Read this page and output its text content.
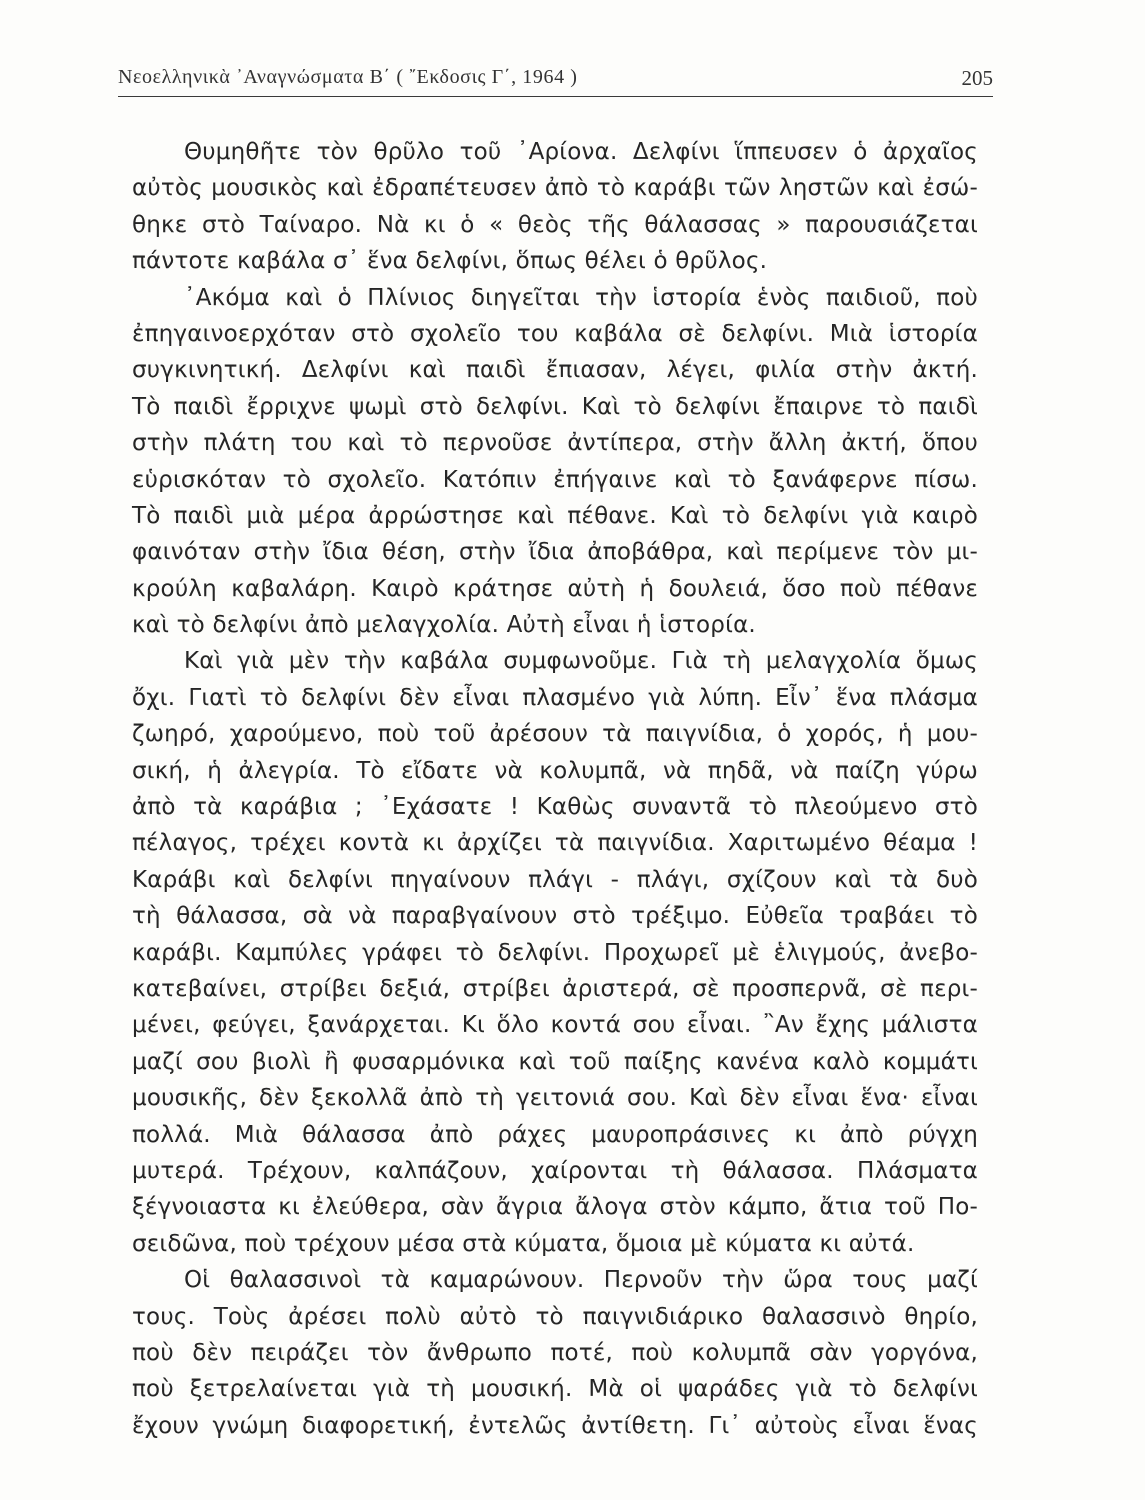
Νεοελληνικὰ ᾿Αναγνώσματα Β΄ ( ῎Εκδοσις Γ΄, 1964 )	205
Θυμηθῆτε τὸν θρῦλο τοῦ ᾿Αρίονα. Δελφίνι ἵππευσεν ὁ ἀρχαῖος
αὐτὸς μουσικὸς καὶ ἐδραπέτευσεν ἀπὸ τὸ καράβι τῶν ληστῶν καὶ ἐσώ-
θηκε στὸ Ταίναρο. Νὰ κι ὁ « θεὸς τῆς θάλασσας » παρουσιάζεται
πάντοτε καβάλα σ᾿ ἕνα δελφίνι, ὅπως θέλει ὁ θρῦλος.
᾿Ακόμα καὶ ὁ Πλίνιος διηγεῖται τὴν ἱστορία ἑνὸς παιδιοῦ, ποὺ
ἐπηγαινοερχόταν στὸ σχολεῖο του καβάλα σὲ δελφίνι. Μιὰ ἱστορία
συγκινητική. Δελφίνι καὶ παιδὶ ἔπιασαν, λέγει, φιλία στὴν ἀκτή.
Τὸ παιδὶ ἔρριχνε ψωμὶ στὸ δελφίνι. Καὶ τὸ δελφίνι ἔπαιρνε τὸ παιδὶ
στὴν πλάτη του καὶ τὸ περνοῦσε ἀντίπερα, στὴν ἄλλη ἀκτή, ὅπου
εὑρισκόταν τὸ σχολεῖο. Κατόπιν ἐπήγαινε καὶ τὸ ξανάφερνε πίσω.
Τὸ παιδὶ μιὰ μέρα ἀρρώστησε καὶ πέθανε. Καὶ τὸ δελφίνι γιὰ καιρὸ
φαινόταν στὴν ἴδια θέση, στὴν ἴδια ἀποβάθρα, καὶ περίμενε τὸν μι-
κρούλη καβαλάρη. Καιρὸ κράτησε αὐτὴ ἡ δουλειά, ὅσο ποὺ πέθανε
καὶ τὸ δελφίνι ἀπὸ μελαγχολία. Αὐτὴ εἶναι ἡ ἱστορία.
Καὶ γιὰ μὲν τὴν καβάλα συμφωνοῦμε. Γιὰ τὴ μελαγχολία ὅμως
ὄχι. Γιατὶ τὸ δελφίνι δὲν εἶναι πλασμένο γιὰ λύπη. Εἶν᾿ ἕνα πλάσμα
ζωηρό, χαρούμενο, ποὺ τοῦ ἀρέσουν τὰ παιγνίδια, ὁ χορός, ἡ μου-
σική, ἡ ἀλεγρία. Τὸ εἴδατε νὰ κολυμπᾶ, νὰ πηδᾶ, νὰ παίζη γύρω
ἀπὸ τὰ καράβια ; ᾿Εχάσατε ! Καθὼς συναντᾶ τὸ πλεούμενο στὸ
πέλαγος, τρέχει κοντὰ κι ἀρχίζει τὰ παιγνίδια. Χαριτωμένο θέαμα !
Καράβι καὶ δελφίνι πηγαίνουν πλάγι - πλάγι, σχίζουν καὶ τὰ δυὸ
τὴ θάλασσα, σὰ νὰ παραβγαίνουν στὸ τρέξιμο. Εὐθεῖα τραβάει τὸ
καράβι. Καμπύλες γράφει τὸ δελφίνι. Προχωρεῖ μὲ ἑλιγμούς, ἀνεβο-
κατεβαίνει, στρίβει δεξιά, στρίβει ἀριστερά, σὲ προσπερνᾶ, σὲ περι-
μένει, φεύγει, ξανάρχεται. Κι ὅλο κοντά σου εἶναι. ῍Αν ἔχης μάλιστα
μαζί σου βιολὶ ἢ φυσαρμόνικα καὶ τοῦ παίξης κανένα καλὸ κομμάτι
μουσικῆς, δὲν ξεκολλᾶ ἀπὸ τὴ γειτονιά σου. Καὶ δὲν εἶναι ἕνα· εἶναι
πολλά. Μιὰ θάλασσα ἀπὸ ράχες μαυροπράσινες κι ἀπὸ ρύγχη
μυτερά. Τρέχουν, καλπάζουν, χαίρονται τὴ θάλασσα. Πλάσματα
ξέγνοιαστα κι ἐλεύθερα, σὰν ἄγρια ἄλογα στὸν κάμπο, ἄτια τοῦ Πο-
σειδῶνα, ποὺ τρέχουν μέσα στὰ κύματα, ὅμοια μὲ κύματα κι αὐτά.
Οἱ θαλασσινοὶ τὰ καμαρώνουν. Περνοῦν τὴν ὥρα τους μαζί
τους. Τοὺς ἀρέσει πολὺ αὐτὸ τὸ παιγνιδιάρικο θαλασσινὸ θηρίο,
ποὺ δὲν πειράζει τὸν ἄνθρωπο ποτέ, ποὺ κολυμπᾶ σὰν γοργόνα,
ποὺ ξετρελαίνεται γιὰ τὴ μουσική. Μὰ οἱ ψαράδες γιὰ τὸ δελφίνι
ἔχουν γνώμη διαφορετική, ἐντελῶς ἀντίθετη. Γι᾿ αὐτοὺς εἶναι ἕνας
